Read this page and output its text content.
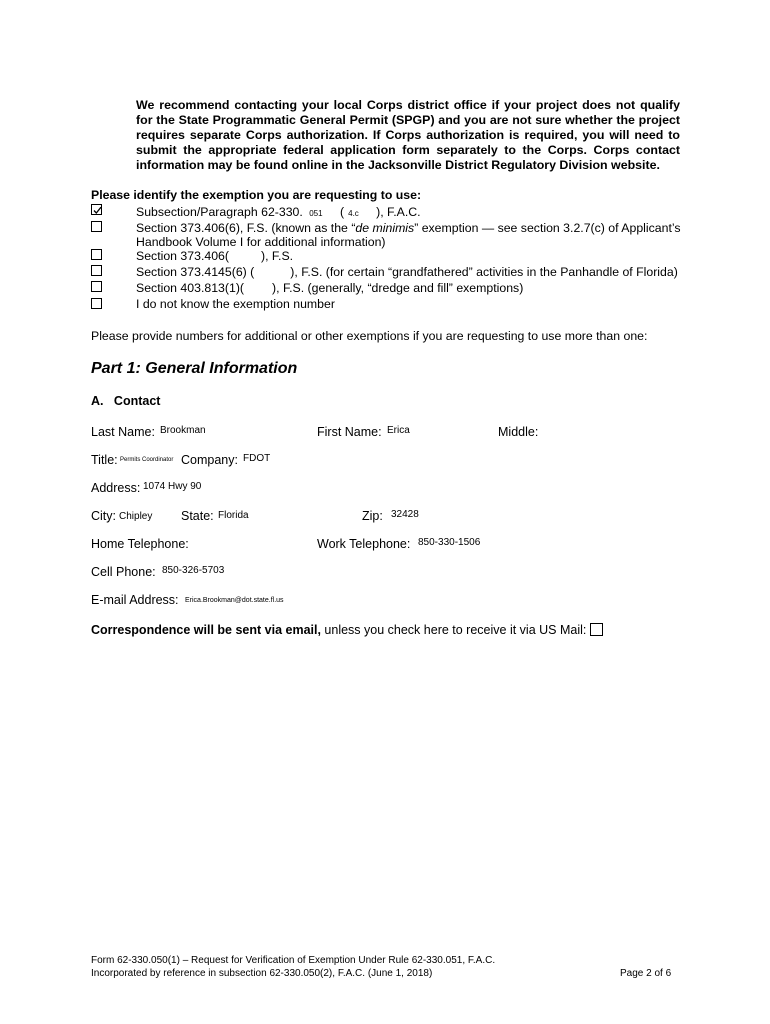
We recommend contacting your local Corps district office if your project does not qualify
for the State Programmatic General Permit (SPGP) and you are not sure whether the project
requires separate Corps authorization. If Corps authorization is required, you will need to
submit the appropriate federal application form separately to the Corps. Corps contact
information may be found online in the Jacksonville District Regulatory Division website.
Please identify the exemption you are requesting to use:
Subsection/Paragraph 62-330. 051 ( 4.c ), F.A.C.
Section 373.406(6), F.S. (known as the “de minimis” exemption — see section 3.2.7(c) of Applicant’s
Handbook Volume I for additional information)
Section 373.406(	), F.S.
Section 373.4145(6) (	), F.S. (for certain “grandfathered” activities in the Panhandle of Florida)
Section 403.813(1)( ), F.S. (generally, “dredge and fill” exemptions)
I do not know the exemption number
Please provide numbers for additional or other exemptions if you are requesting to use more than one:
Part 1: General Information
A.   Contact
Last Name: Brookman	First Name: Erica	Middle:
Title: Permits Coordinator Company: FDOT
Address: 1074 Hwy 90
City: Chipley State: Florida	Zip: 32428
Home Telephone:	Work Telephone: 850-330-1506
Cell Phone: 850-326-5703
E-mail Address: Erica.Brookman@dot.state.fl.us
Correspondence will be sent via email, unless you check here to receive it via US Mail:
Form 62-330.050(1) – Request for Verification of Exemption Under Rule 62-330.051, F.A.C.
Incorporated by reference in subsection 62-330.050(2), F.A.C. (June 1, 2018)	Page 2 of 6
